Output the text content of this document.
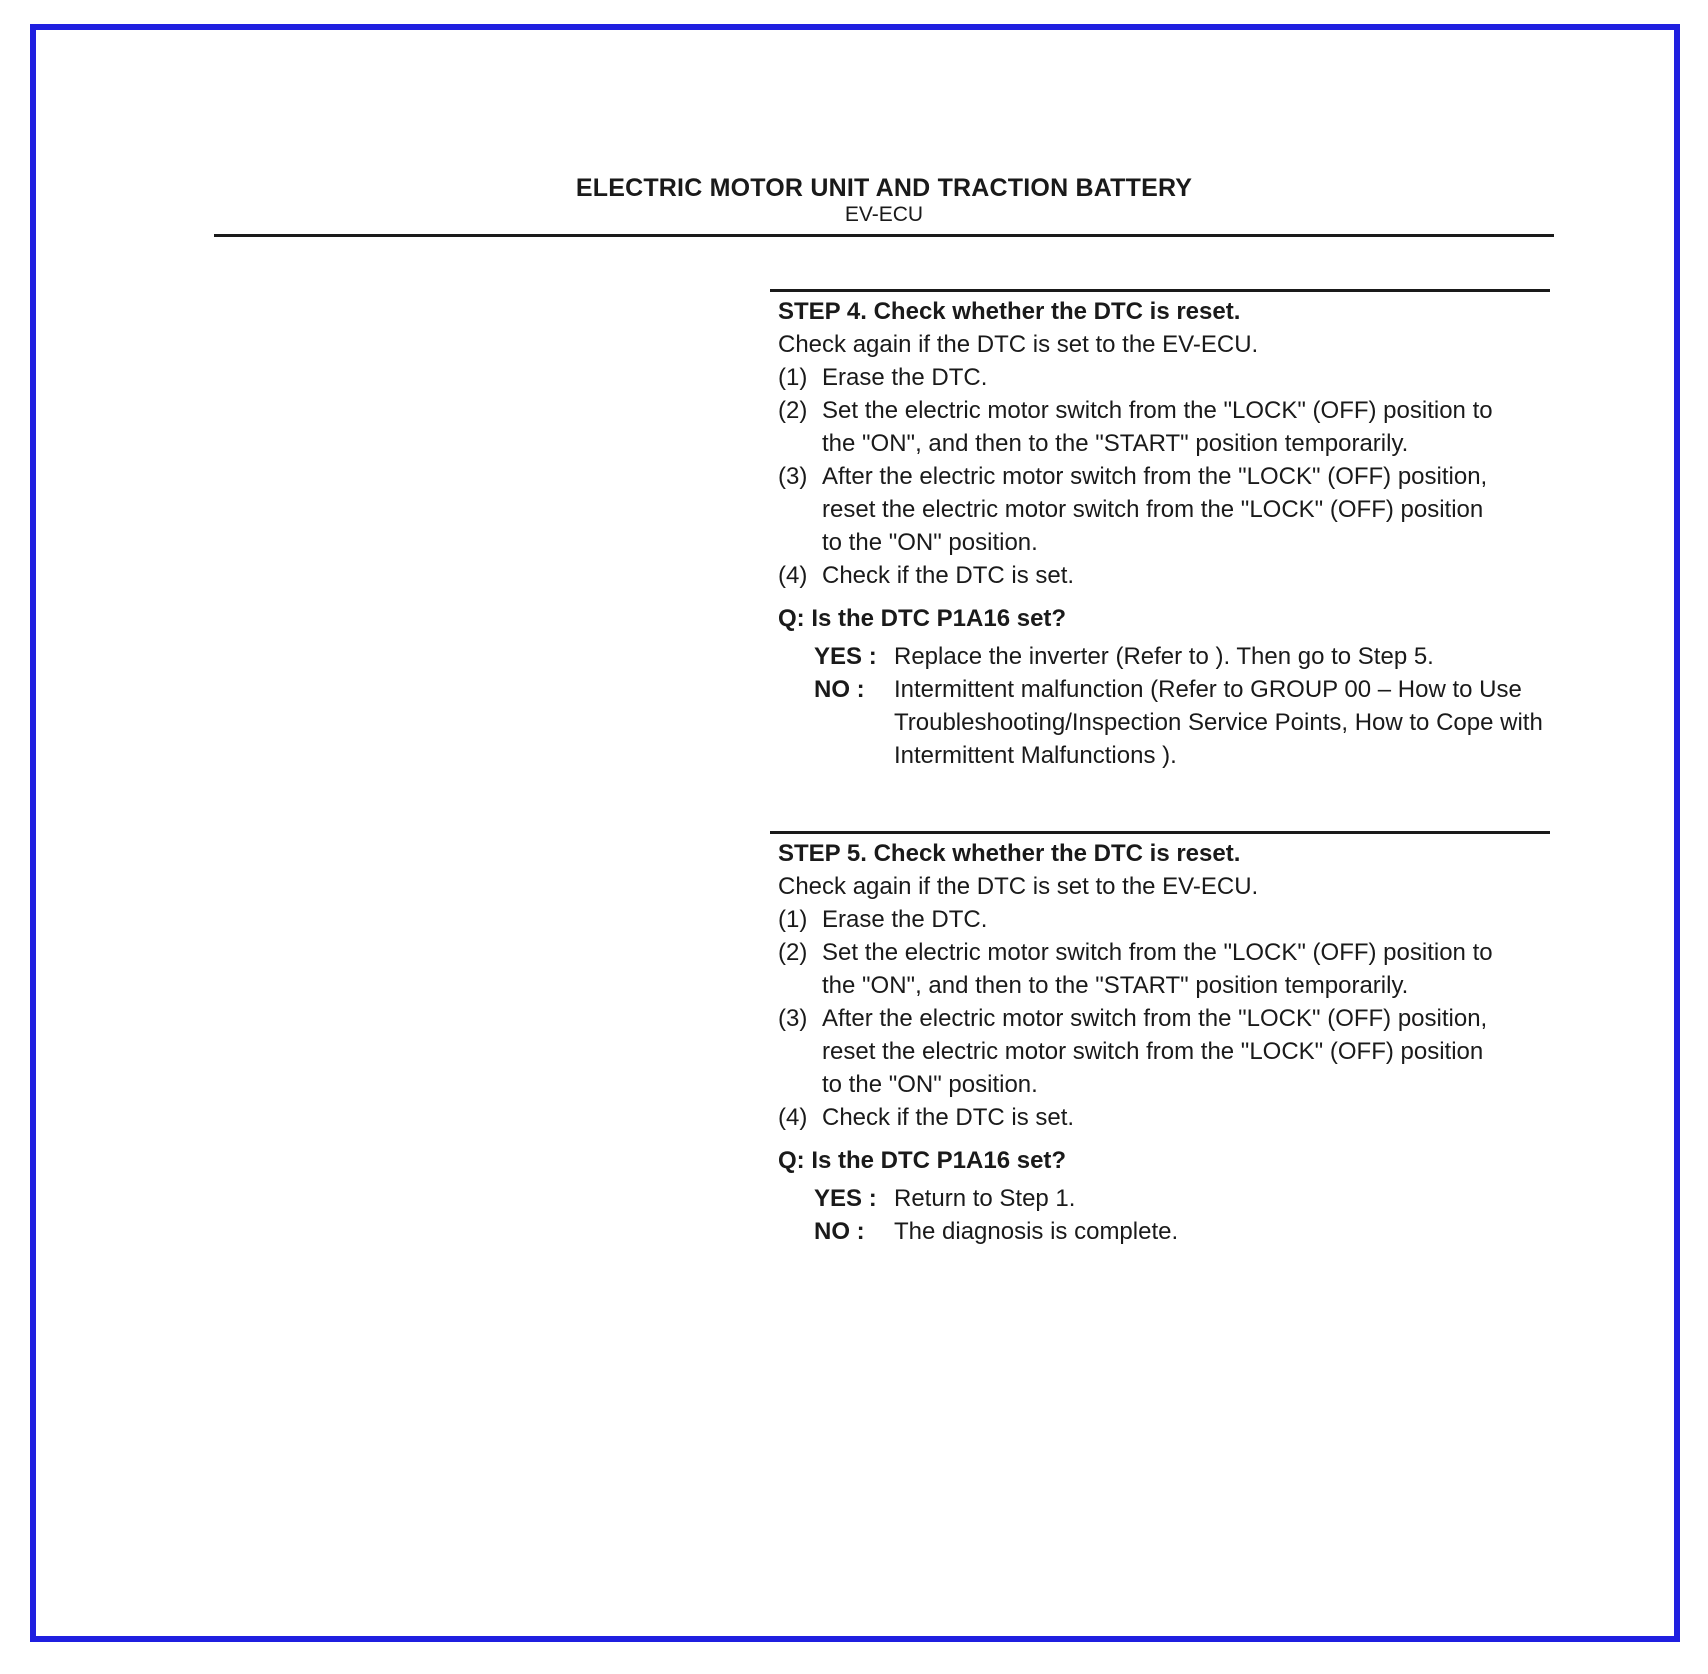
ELECTRIC MOTOR UNIT AND TRACTION BATTERY
EV-ECU
STEP 4. Check whether the DTC is reset.
Check again if the DTC is set to the EV-ECU.
(1) Erase the DTC.
(2) Set the electric motor switch from the "LOCK" (OFF) position to the "ON", and then to the "START" position temporarily.
(3) After the electric motor switch from the "LOCK" (OFF) position, reset the electric motor switch from the "LOCK" (OFF) position to the "ON" position.
(4) Check if the DTC is set.
Q: Is the DTC P1A16 set?
YES : Replace the inverter (Refer to ). Then go to Step 5.
NO :	Intermittent malfunction (Refer to GROUP 00 – How to Use Troubleshooting/Inspection Service Points, How to Cope with Intermittent Malfunctions ).
STEP 5. Check whether the DTC is reset.
Check again if the DTC is set to the EV-ECU.
(1) Erase the DTC.
(2) Set the electric motor switch from the "LOCK" (OFF) position to the "ON", and then to the "START" position temporarily.
(3) After the electric motor switch from the "LOCK" (OFF) position, reset the electric motor switch from the "LOCK" (OFF) position to the "ON" position.
(4) Check if the DTC is set.
Q: Is the DTC P1A16 set?
YES : Return to Step 1.
NO :	The diagnosis is complete.
